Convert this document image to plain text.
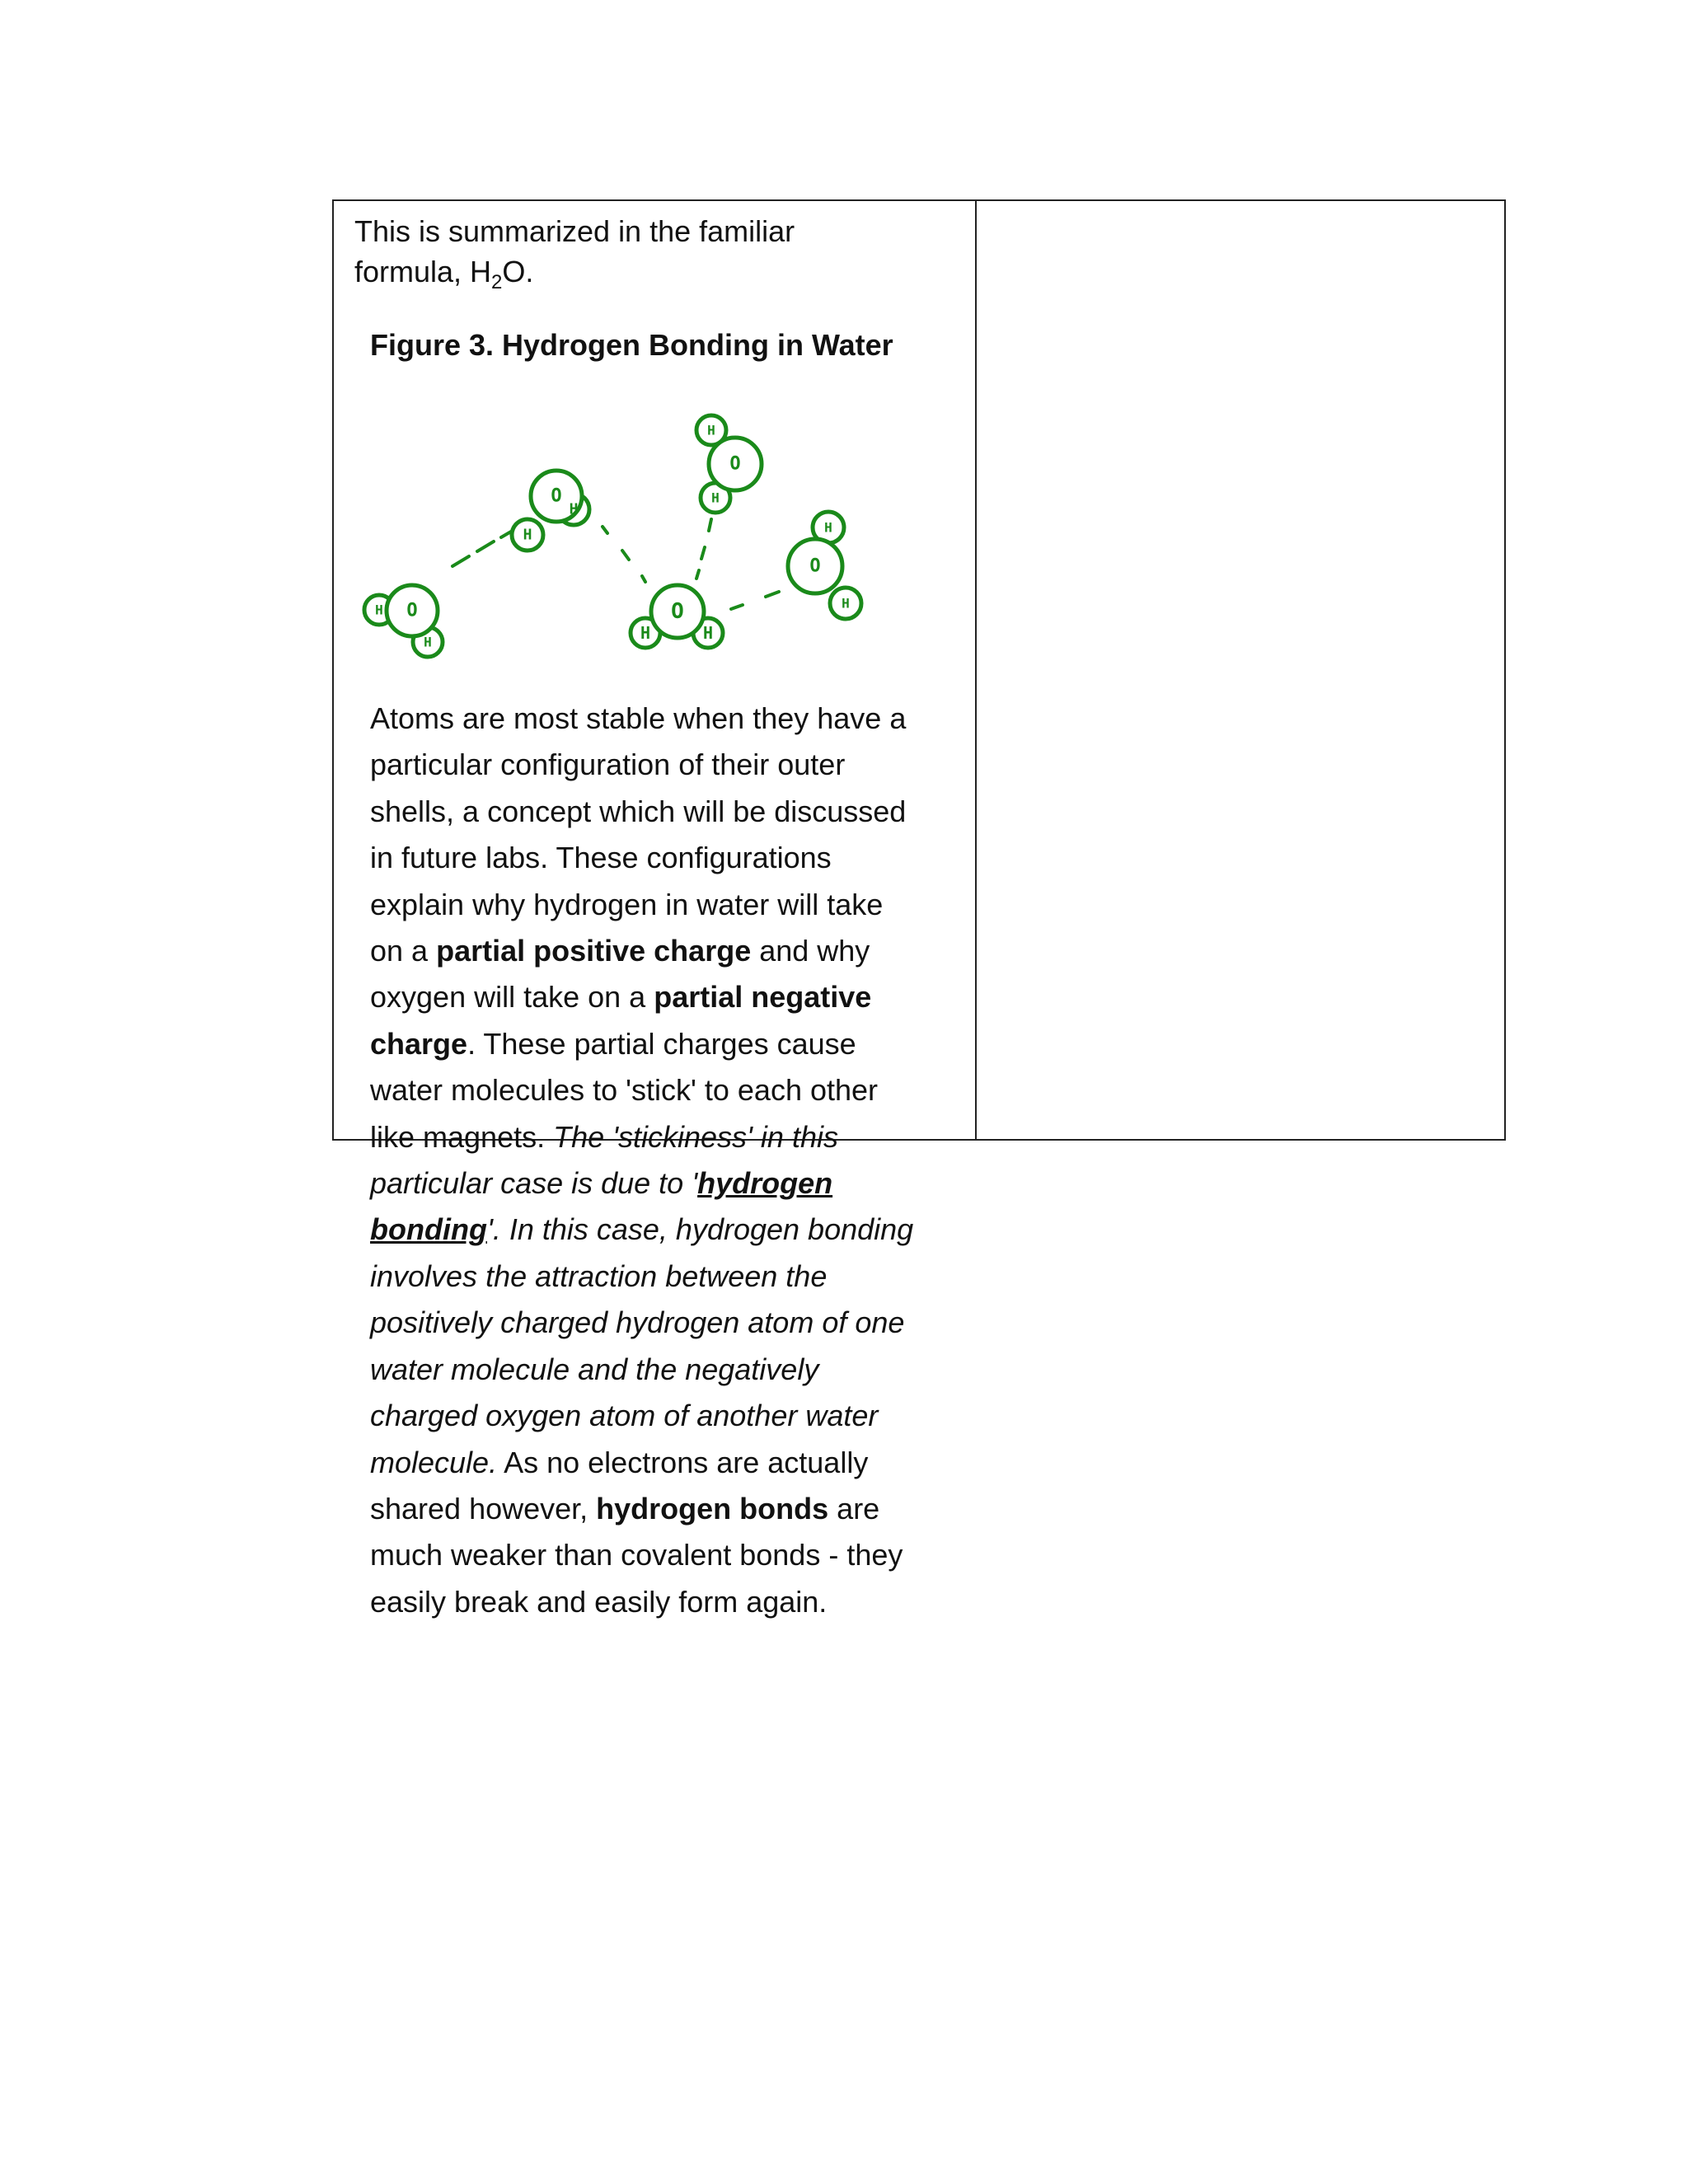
This is summarized in the familiar
formula, $H_2O$.

Figure 3. Hydrogen Bonding in Water

O
H
H
O
H
H
O
H
H
O
H	H
O
H
H

Atoms are most stable when they have a particular configuration of their outer shells, a concept which will be discussed in future labs. These configurations explain why hydrogen in water will take on a partial positive charge and why oxygen will take on a partial negative charge. These partial charges cause water molecules to 'stick' to each other like magnets. The 'stickiness' in this particular case is due to 'hydrogen bonding'. In this case, hydrogen bonding involves the attraction between the positively charged hydrogen atom of one water molecule and the negatively charged oxygen atom of another water molecule. As no electrons are actually shared however, hydrogen bonds are much weaker than covalent bonds - they easily break and easily form again.
